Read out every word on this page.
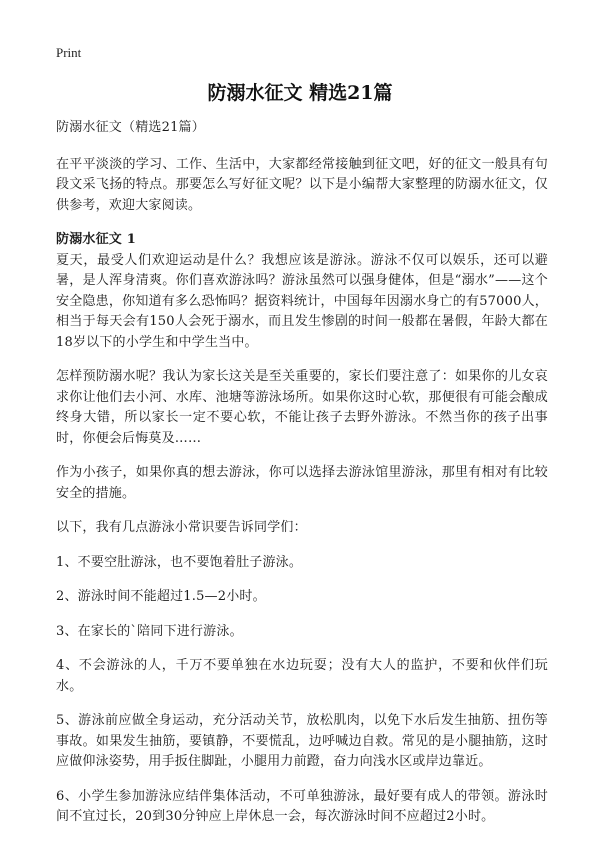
Print
防溺水征文 精选21篇

防溺水征文（精选21篇）

在平平淡淡的学习、工作、生活中，大家都经常接触到征文吧，好的征文一般具有句段文采飞扬的特点。那要怎么写好征文呢？以下是小编帮大家整理的防溺水征文，仅供参考，欢迎大家阅读。

防溺水征文 1

夏天，最受人们欢迎运动是什么？我想应该是游泳。游泳不仅可以娱乐，还可以避暑，是人浑身清爽。你们喜欢游泳吗？游泳虽然可以强身健体，但是“溺水”——这个安全隐患，你知道有多么恐怖吗？据资料统计，中国每年因溺水身亡的有57000人，相当于每天会有150人会死于溺水，而且发生惨剧的时间一般都在暑假，年龄大都在18岁以下的小学生和中学生当中。

怎样预防溺水呢？我认为家长这关是至关重要的，家长们要注意了：如果你的儿女哀求你让他们去小河、水库、池塘等游泳场所。如果你这时心软，那便很有可能会酿成终身大错，所以家长一定不要心软，不能让孩子去野外游泳。不然当你的孩子出事时，你便会后悔莫及……

作为小孩子，如果你真的想去游泳，你可以选择去游泳馆里游泳，那里有相对有比较安全的措施。

以下，我有几点游泳小常识要告诉同学们：

1、不要空肚游泳，也不要饱着肚子游泳。

2、游泳时间不能超过1.5—2小时。

3、在家长的`陪同下进行游泳。

4、不会游泳的人，千万不要单独在水边玩耍；没有大人的监护，不要和伙伴们玩水。

5、游泳前应做全身运动，充分活动关节，放松肌肉，以免下水后发生抽筋、扭伤等事故。如果发生抽筋，要镇静，不要慌乱，边呼喊边自救。常见的是小腿抽筋，这时应做仰泳姿势，用手扳住脚趾，小腿用力前蹬，奋力向浅水区或岸边靠近。

6、小学生参加游泳应结伴集体活动，不可单独游泳，最好要有成人的带领。游泳时间不宜过长，20到30分钟应上岸休息一会，每次游泳时间不应超过2小时。
